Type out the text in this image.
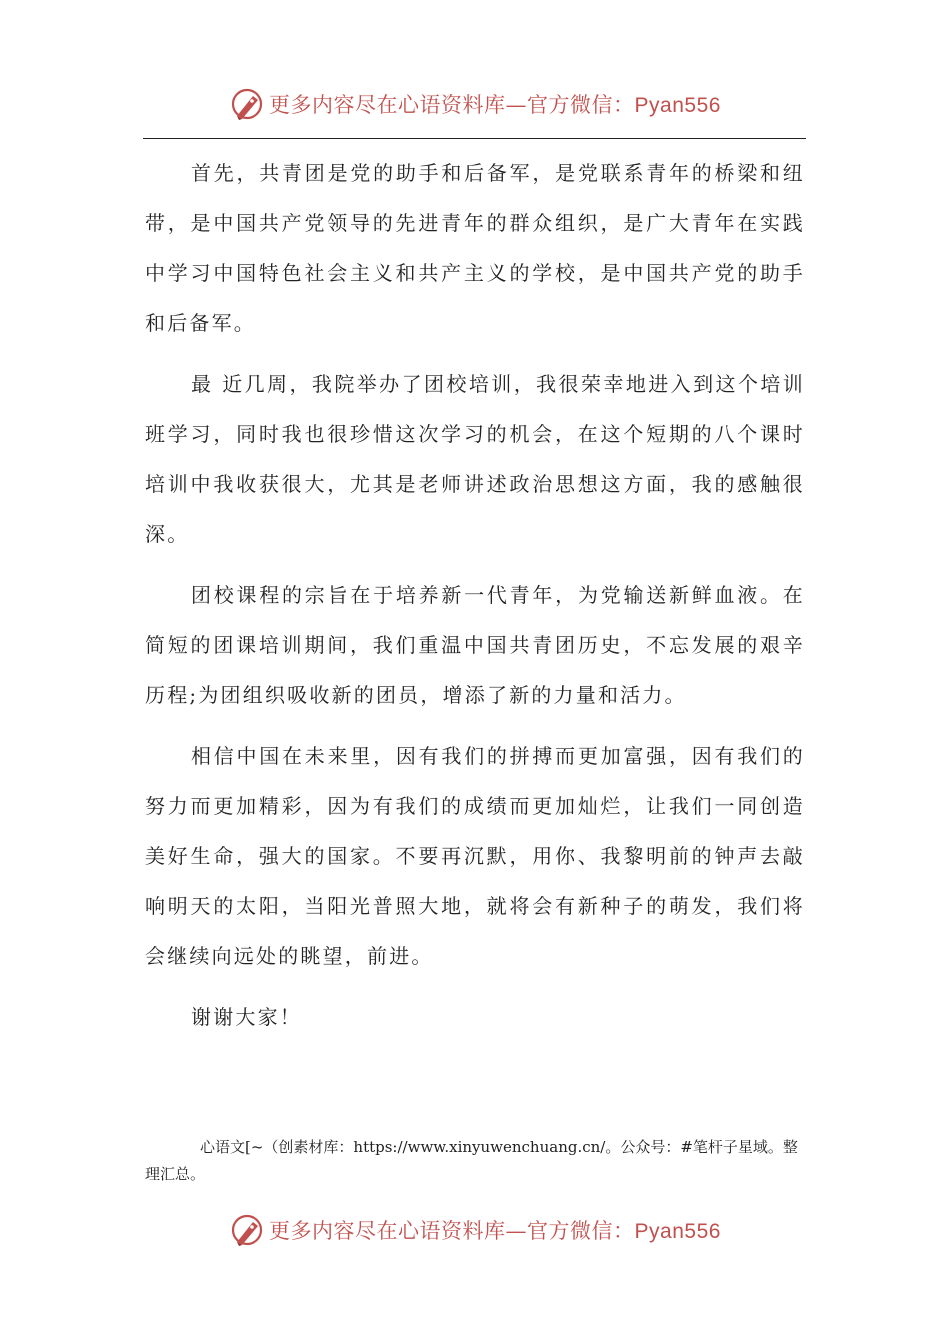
更多内容尽在心语资料库—官方微信：Pyan556

首先，共青团是党的助手和后备军，是党联系青年的桥梁和纽带，是中国共产党领导的先进青年的群众组织，是广大青年在实践中学习中国特色社会主义和共产主义的学校，是中国共产党的助手和后备军。

最 近几周，我院举办了团校培训，我很荣幸地进入到这个培训班学习，同时我也很珍惜这次学习的机会，在这个短期的八个课时培训中我收获很大，尤其是老师讲述政治思想这方面，我的感触很深。

团校课程的宗旨在于培养新一代青年，为党输送新鲜血液。在简短的团课培训期间，我们重温中国共青团历史，不忘发展的艰辛历程;为团组织吸收新的团员，增添了新的力量和活力。

相信中国在未来里，因有我们的拼搏而更加富强，因有我们的努力而更加精彩，因为有我们的成绩而更加灿烂，让我们一同创造美好生命，强大的国家。不要再沉默，用你、我黎明前的钟声去敲响明天的太阳，当阳光普照大地，就将会有新种子的萌发，我们将会继续向远处的眺望，前进。

谢谢大家！

心语文[~（创素材库：https://www.xinyuwenchuang.cn/。公众号：#笔杆子星域。整理汇总。
更多内容尽在心语资料库—官方微信：Pyan556
